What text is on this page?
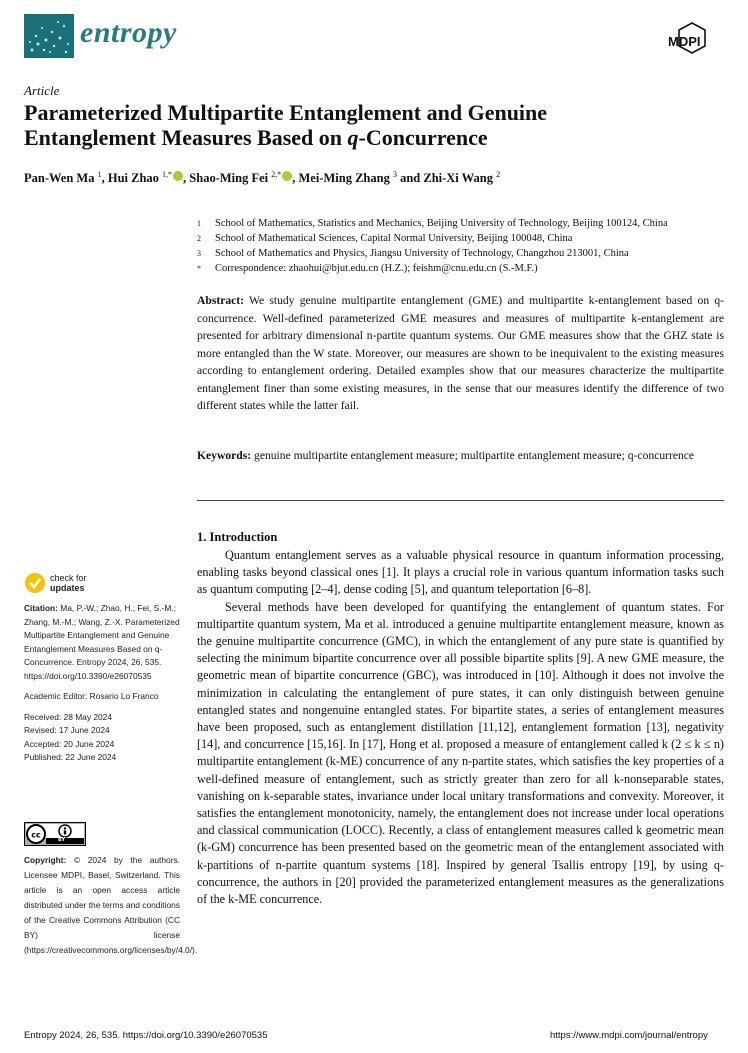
entropy	MDPI
Article
Parameterized Multipartite Entanglement and Genuine
Entanglement Measures Based on q-Concurrence
Pan-Wen Ma $^1$, Hui Zhao $^{1,*}$ , Shao-Ming Fei $^{2,*}$ , Mei-Ming Zhang $^3$ and Zhi-Xi Wang $^2$
1	School of Mathematics, Statistics and Mechanics, Beijing University of Technology, Beijing 100124, China
2	School of Mathematical Sciences, Capital Normal University, Beijing 100048, China
3	School of Mathematics and Physics, Jiangsu University of Technology, Changzhou 213001, China
*	Correspondence: zhaohui@bjut.edu.cn (H.Z.); feishm@cnu.edu.cn (S.-M.F.)
Abstract: We study genuine multipartite entanglement (GME) and multipartite k-entanglement based on q-concurrence. Well-defined parameterized GME measures and measures of multipartite k-entanglement are presented for arbitrary dimensional n-partite quantum systems. Our GME measures show that the GHZ state is more entangled than the W state. Moreover, our measures are shown to be inequivalent to the existing measures according to entanglement ordering. Detailed examples show that our measures characterize the multipartite entanglement finer than some existing measures, in the sense that our measures identify the difference of two different states while the latter fail.
Keywords: genuine multipartite entanglement measure; multipartite entanglement measure; q-concurrence
1. Introduction

Quantum entanglement serves as a valuable physical resource in quantum information processing, enabling tasks beyond classical ones [1]. It plays a crucial role in various quantum information tasks such as quantum computing [2–4], dense coding [5], and quantum teleportation [6–8].

Several methods have been developed for quantifying the entanglement of quantum states. For multipartite quantum system, Ma et al. introduced a genuine multipartite entanglement measure, known as the genuine multipartite concurrence (GMC), in which the entanglement of any pure state is quantified by selecting the minimum bipartite concurrence over all possible bipartite splits [9]. A new GME measure, the geometric mean of bipartite concurrence (GBC), was introduced in [10]. Although it does not involve the minimization in calculating the entanglement of pure states, it can only distinguish between genuine entangled states and nongenuine entangled states. For bipartite states, a series of entanglement measures have been proposed, such as entanglement distillation [11,12], entanglement formation [13], negativity [14], and concurrence [15,16]. In [17], Hong et al. proposed a measure of entanglement called k (2 ≤ k ≤ n) multipartite entanglement (k-ME) concurrence of any n-partite states, which satisfies the key properties of a well-defined measure of entanglement, such as strictly greater than zero for all k-nonseparable states, vanishing on k-separable states, invariance under local unitary transformations and convexity. Moreover, it satisfies the entanglement monotonicity, namely, the entanglement does not increase under local operations and classical communication (LOCC). Recently, a class of entanglement measures called k geometric mean (k-GM) concurrence has been presented based on the geometric mean of the entanglement associated with k-partitions of n-partite quantum systems [18]. Inspired by general Tsallis entropy [19], by using q-concurrence, the authors in [20] provided the parameterized entanglement measures as the generalizations of the k-ME concurrence.

check for
updates
Citation: Ma, P.-W.; Zhao, H.; Fei, S.-M.; Zhang, M.-M.; Wang, Z.-X. Parameterized Multipartite Entanglement and Genuine Entanglement Measures Based on q-Concurrence. Entropy 2024, 26, 535. https://doi.org/10.3390/e26070535
Academic Editor: Rosario Lo Franco
Received: 28 May 2024
Revised: 17 June 2024
Accepted: 20 June 2024
Published: 22 June 2024
cc
BY
Copyright: © 2024 by the authors. Licensee MDPI, Basel, Switzerland. This article is an open access article distributed under the terms and conditions of the Creative Commons Attribution (CC BY) license (https://creativecommons.org/licenses/by/4.0/).
Entropy 2024, 26, 535. https://doi.org/10.3390/e26070535	https://www.mdpi.com/journal/entropy
